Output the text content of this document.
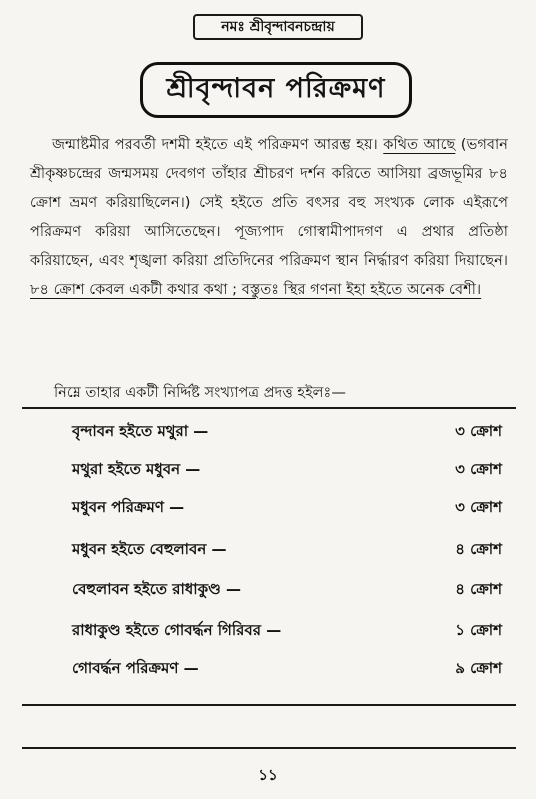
নমঃ শ্রীবৃন্দাবনচন্দ্রায়
শ্রীবৃন্দাবন পরিক্রমণ
জন্মাষ্টমীর পরবর্তী দশমী হইতে এই পরিক্রমণ আরম্ভ হয়। কথিত আছে (ভগবান শ্রীকৃষ্ণচন্দ্রের জন্মসময় দেবগণ তাঁহার শ্রীচরণ দর্শন করিতে আসিয়া ব্রজভূমির ৮৪ ক্রোশ ভ্রমণ করিয়াছিলেন।) সেই হইতে প্রতি বৎসর বহু সংখ্যক লোক এইরূপে পরিক্রমণ করিয়া আসিতেছেন। পূজ্যপাদ গোস্বামীপাদগণ এ প্রথার প্রতিষ্ঠা করিয়াছেন, এবং শৃঙ্খলা করিয়া প্রতিদিনের পরিক্রমণ স্থান নির্দ্ধারণ করিয়া দিয়াছেন। ৮৪ ক্রোশ কেবল একটী কথার কথা ; বস্তুতঃ স্থির গণনা ইহা হইতে অনেক বেশী।
নিম্নে তাহার একটী নির্দ্দিষ্ট সংখ্যাপত্র প্রদত্ত হইলঃ—
বৃন্দাবন হইতে মথুরা —	৩ ক্রোশ
মথুরা হইতে মধুবন —	৩ ক্রোশ
মধুবন পরিক্রমণ —	৩ ক্রোশ
মধুবন হইতে বেহুলাবন —	৪ ক্রোশ
বেহুলাবন হইতে রাধাকুণ্ড —	৪ ক্রোশ
রাধাকুণ্ড হইতে গোবর্দ্ধন গিরিবর —	১ ক্রোশ
গোবর্দ্ধন পরিক্রমণ —	৯ ক্রোশ
১১
